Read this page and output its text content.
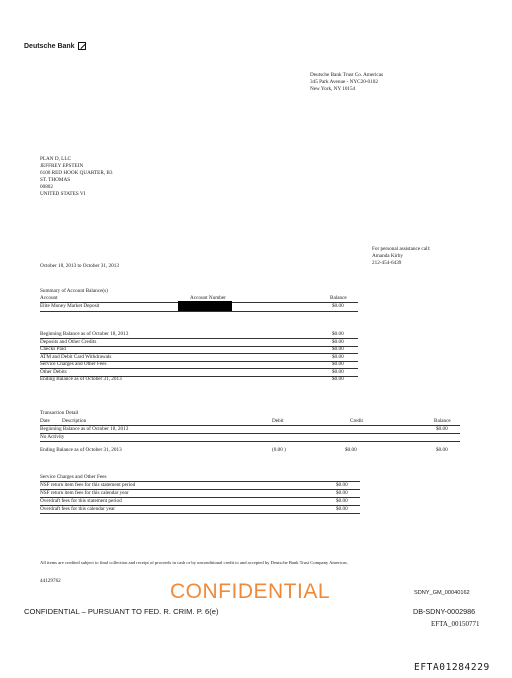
Deutsche Bank
Deutsche Bank Trust Co. Americas
345 Park Avenue - NYC20-0102
New York, NY 10154
PLAN D, LLC
JEFFREY EPSTEIN
6100 RED HOOK QUARTER, B3
ST. THOMAS
00802
UNITED STATES VI
For personal assistance call:
Amanda Kirby
212-454-6439
October 18, 2013 to October 31, 2013
Summary of Account Balance(s)
Account	Account Number	Balance
Elite Money Market Deposit	$0.00
Beginning Balance as of October 18, 2013	$0.00
Deposits and Other Credits	$0.00
Checks Paid	$0.00
ATM and Debit Card Withdrawals	$0.00
Service Charges and Other Fees	$0.00
Other Debits	$0.00
Ending Balance as of October 31, 2013	$0.00
Transaction Detail
Date Description	Debit	Credit	Balance
Beginning Balance as of October 18, 2013	$0.00
No Activity
Ending Balance as of October 31, 2013	(0.00 )	$0.00	$0.00
Service Charges and Other Fees
NSF return item fees for this statement period	$0.00
NSF return item fees for this calendar year	$0.00
Overdraft fees for this statement period	$0.00
Overdraft fees for this calendar year	$0.00
All items are credited subject to final collection and receipt of proceeds in cash or by unconditional credit to and accepted by Deutsche Bank Trust Company Americas.
44129762	CONFIDENTIAL	SDNY_GM_00040162
CONFIDENTIAL – PURSUANT TO FED. R. CRIM. P. 6(e)	DB-SDNY-0002986
EFTA_00150771
EFTA01284229
